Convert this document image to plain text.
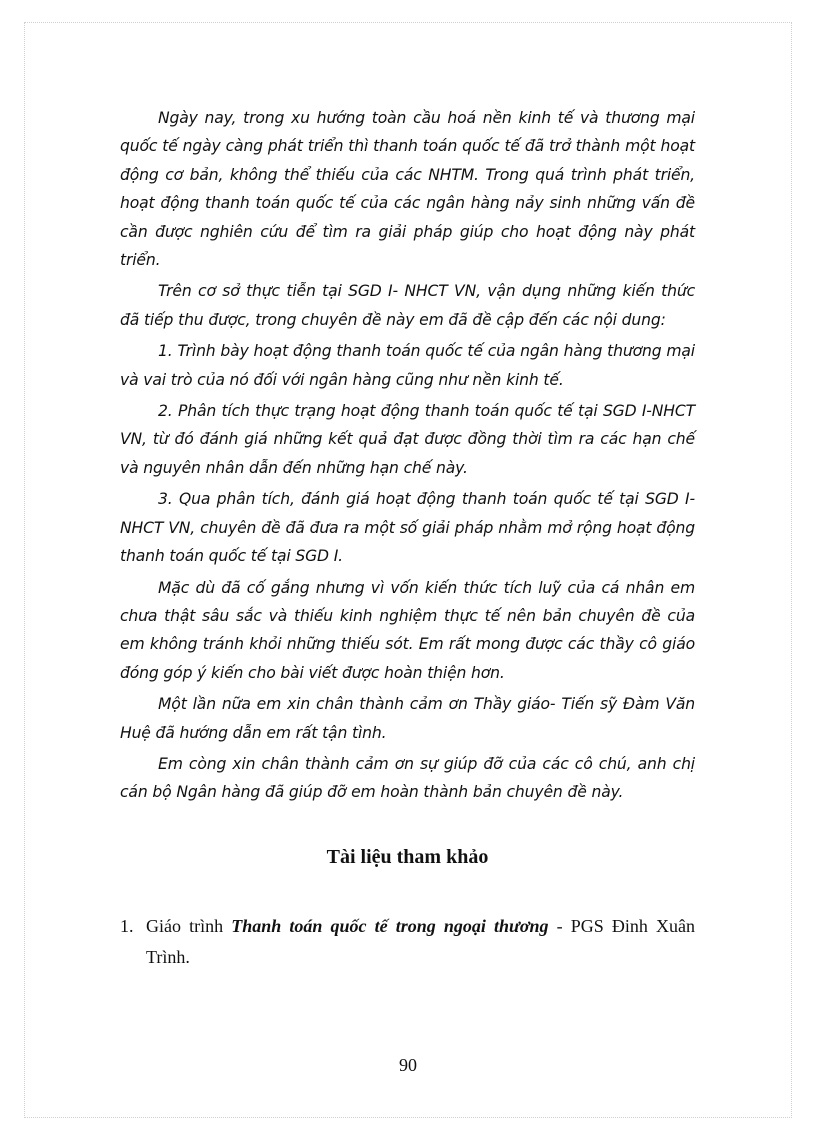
Ngày nay, trong xu hướng toàn cầu hoá nền kinh tế và thương mại quốc tế ngày càng phát triển thì thanh toán quốc tế đã trở thành một hoạt động cơ bản, không thể thiếu của các NHTM. Trong quá trình phát triển, hoạt động thanh toán quốc tế của các ngân hàng nảy sinh những vấn đề cần được nghiên cứu để tìm ra giải pháp giúp cho hoạt động này phát triển.

Trên cơ sở thực tiễn tại SGD I- NHCT VN, vận dụng những kiến thức đã tiếp thu được, trong chuyên đề này em đã đề cập đến các nội dung:

1. Trình bày hoạt động thanh toán quốc tế của ngân hàng thương mại và vai trò của nó đối với ngân hàng cũng như nền kinh tế.

2. Phân tích thực trạng hoạt động thanh toán quốc tế tại SGD I-NHCT VN, từ đó đánh giá những kết quả đạt được đồng thời tìm ra các hạn chế và nguyên nhân dẫn đến những hạn chế này.

3. Qua phân tích, đánh giá hoạt động thanh toán quốc tế tại SGD I-NHCT VN, chuyên đề đã đưa ra một số giải pháp nhằm mở rộng hoạt động thanh toán quốc tế tại SGD I.

Mặc dù đã cố gắng nhưng vì vốn kiến thức tích luỹ của cá nhân em chưa thật sâu sắc và thiếu kinh nghiệm thực tế nên bản chuyên đề của em không tránh khỏi những thiếu sót. Em rất mong được các thầy cô giáo đóng góp ý kiến cho bài viết được hoàn thiện hơn.

Một lần nữa em xin chân thành cảm ơn Thầy giáo- Tiến sỹ Đàm Văn Huệ đã hướng dẫn em rất tận tình.

Em còng xin chân thành cảm ơn sự giúp đỡ của các cô chú, anh chị cán bộ Ngân hàng đã giúp đỡ em hoàn thành bản chuyên đề này.

Tài liệu tham khảo
1. Giáo trình Thanh toán quốc tế trong ngoại thương - PGS Đinh Xuân Trình.
90
